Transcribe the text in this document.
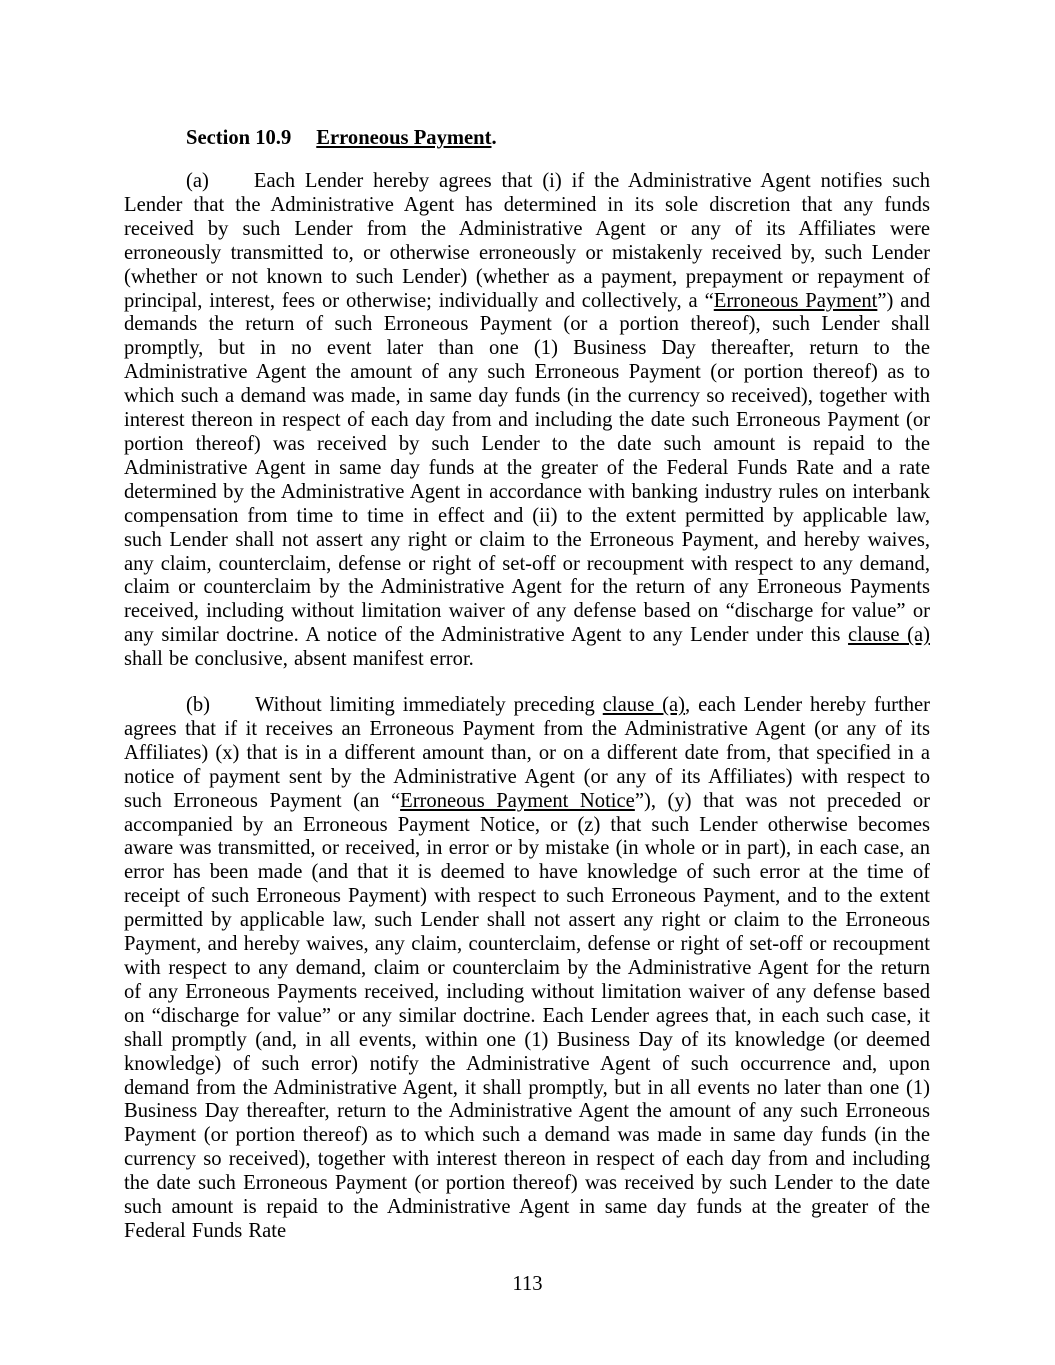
Section 10.9 Erroneous Payment.

(a) Each Lender hereby agrees that (i) if the Administrative Agent notifies such Lender that the Administrative Agent has determined in its sole discretion that any funds received by such Lender from the Administrative Agent or any of its Affiliates were erroneously transmitted to, or otherwise erroneously or mistakenly received by, such Lender (whether or not known to such Lender) (whether as a payment, prepayment or repayment of principal, interest, fees or otherwise; individually and collectively, a “Erroneous Payment”) and demands the return of such Erroneous Payment (or a portion thereof), such Lender shall promptly, but in no event later than one (1) Business Day thereafter, return to the Administrative Agent the amount of any such Erroneous Payment (or portion thereof) as to which such a demand was made, in same day funds (in the currency so received), together with interest thereon in respect of each day from and including the date such Erroneous Payment (or portion thereof) was received by such Lender to the date such amount is repaid to the Administrative Agent in same day funds at the greater of the Federal Funds Rate and a rate determined by the Administrative Agent in accordance with banking industry rules on interbank compensation from time to time in effect and (ii) to the extent permitted by applicable law, such Lender shall not assert any right or claim to the Erroneous Payment, and hereby waives, any claim, counterclaim, defense or right of set-off or recoupment with respect to any demand, claim or counterclaim by the Administrative Agent for the return of any Erroneous Payments received, including without limitation waiver of any defense based on “discharge for value” or any similar doctrine. A notice of the Administrative Agent to any Lender under this clause (a) shall be conclusive, absent manifest error.

(b) Without limiting immediately preceding clause (a), each Lender hereby further agrees that if it receives an Erroneous Payment from the Administrative Agent (or any of its Affiliates) (x) that is in a different amount than, or on a different date from, that specified in a notice of payment sent by the Administrative Agent (or any of its Affiliates) with respect to such Erroneous Payment (an “Erroneous Payment Notice”), (y) that was not preceded or accompanied by an Erroneous Payment Notice, or (z) that such Lender otherwise becomes aware was transmitted, or received, in error or by mistake (in whole or in part), in each case, an error has been made (and that it is deemed to have knowledge of such error at the time of receipt of such Erroneous Payment) with respect to such Erroneous Payment, and to the extent permitted by applicable law, such Lender shall not assert any right or claim to the Erroneous Payment, and hereby waives, any claim, counterclaim, defense or right of set-off or recoupment with respect to any demand, claim or counterclaim by the Administrative Agent for the return of any Erroneous Payments received, including without limitation waiver of any defense based on “discharge for value” or any similar doctrine. Each Lender agrees that, in each such case, it shall promptly (and, in all events, within one (1) Business Day of its knowledge (or deemed knowledge) of such error) notify the Administrative Agent of such occurrence and, upon demand from the Administrative Agent, it shall promptly, but in all events no later than one (1) Business Day thereafter, return to the Administrative Agent the amount of any such Erroneous Payment (or portion thereof) as to which such a demand was made in same day funds (in the currency so received), together with interest thereon in respect of each day from and including the date such Erroneous Payment (or portion thereof) was received by such Lender to the date such amount is repaid to the Administrative Agent in same day funds at the greater of the Federal Funds Rate

113
